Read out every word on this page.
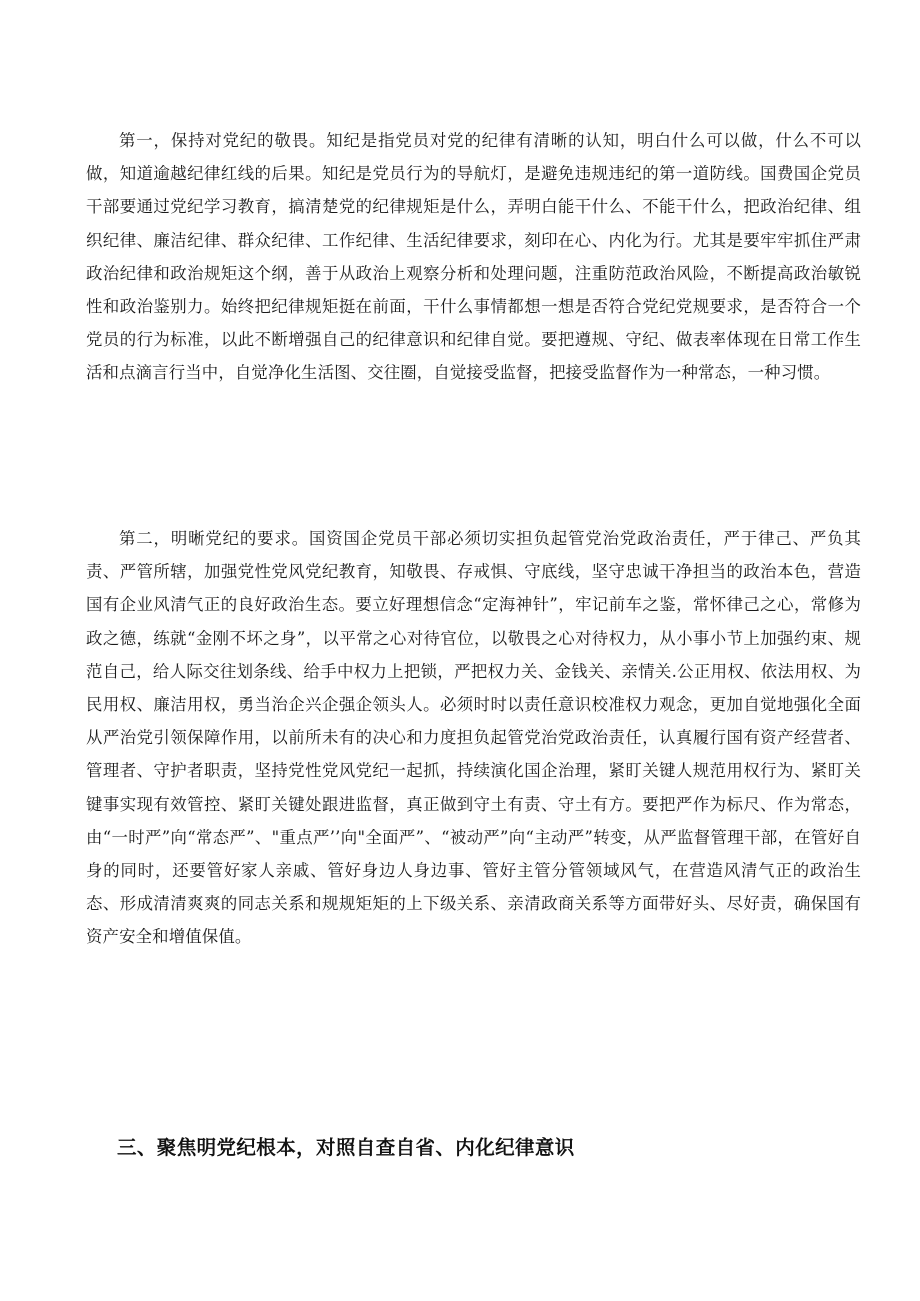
第一，保持对党纪的敬畏。知纪是指党员对党的纪律有清晰的认知，明白什么可以做，什么不可以做，知道逾越纪律红线的后果。知纪是党员行为的导航灯，是避免违规违纪的第一道防线。国费国企党员干部要通过党纪学习教育，搞清楚党的纪律规矩是什么，弄明白能干什么、不能干什么，把政治纪律、组织纪律、廉洁纪律、群众纪律、工作纪律、生活纪律要求，刻印在心、内化为行。尤其是要牢牢抓住严肃政治纪律和政治规矩这个纲，善于从政治上观察分析和处理问题，注重防范政治风险，不断提高政治敏锐性和政治鉴别力。始终把纪律规矩挺在前面，干什么事情都想一想是否符合党纪党规要求，是否符合一个党员的行为标准，以此不断增强自己的纪律意识和纪律自觉。要把遵规、守纪、做表率体现在日常工作生活和点滴言行当中，自觉净化生活图、交往圈，自觉接受监督，把接受监督作为一种常态，一种习惯。

第二，明晰党纪的要求。国资国企党员干部必须切实担负起管党治党政治责任，严于律己、严负其责、严管所辖，加强党性党风党纪教育，知敬畏、存戒惧、守底线，坚守忠诚干净担当的政治本色，营造国有企业风清气正的良好政治生态。要立好理想信念“定海神针”，牢记前车之鉴，常怀律己之心，常修为政之德，练就“金刚不坏之身”，以平常之心对待官位，以敬畏之心对待权力，从小事小节上加强约束、规范自己，给人际交往划条线、给手中权力上把锁，严把权力关、金钱关、亲情关.公正用权、依法用权、为民用权、廉洁用权，勇当治企兴企强企领头人。必须时时以责任意识校准权力观念，更加自觉地强化全面从严治党引领保障作用，以前所未有的决心和力度担负起管党治党政治责任，认真履行国有资产经营者、管理者、守护者职责，坚持党性党风党纪一起抓，持续演化国企治理，紧盯关键人规范用权行为、紧盯关键事实现有效管控、紧盯关键处跟进监督，真正做到守土有责、守土有方。要把严作为标尺、作为常态，由“一时严”向“常态严”、"重点严’’向"全面严”、“被动严”向“主动严”转变，从严监督管理干部，在管好自身的同时，还要管好家人亲戚、管好身边人身边事、管好主管分管领域风气，在营造风清气正的政治生态、形成清清爽爽的同志关系和规规矩矩的上下级关系、亲清政商关系等方面带好头、尽好责，确保国有资产安全和增值保值。

三、聚焦明党纪根本，对照自查自省、内化纪律意识
